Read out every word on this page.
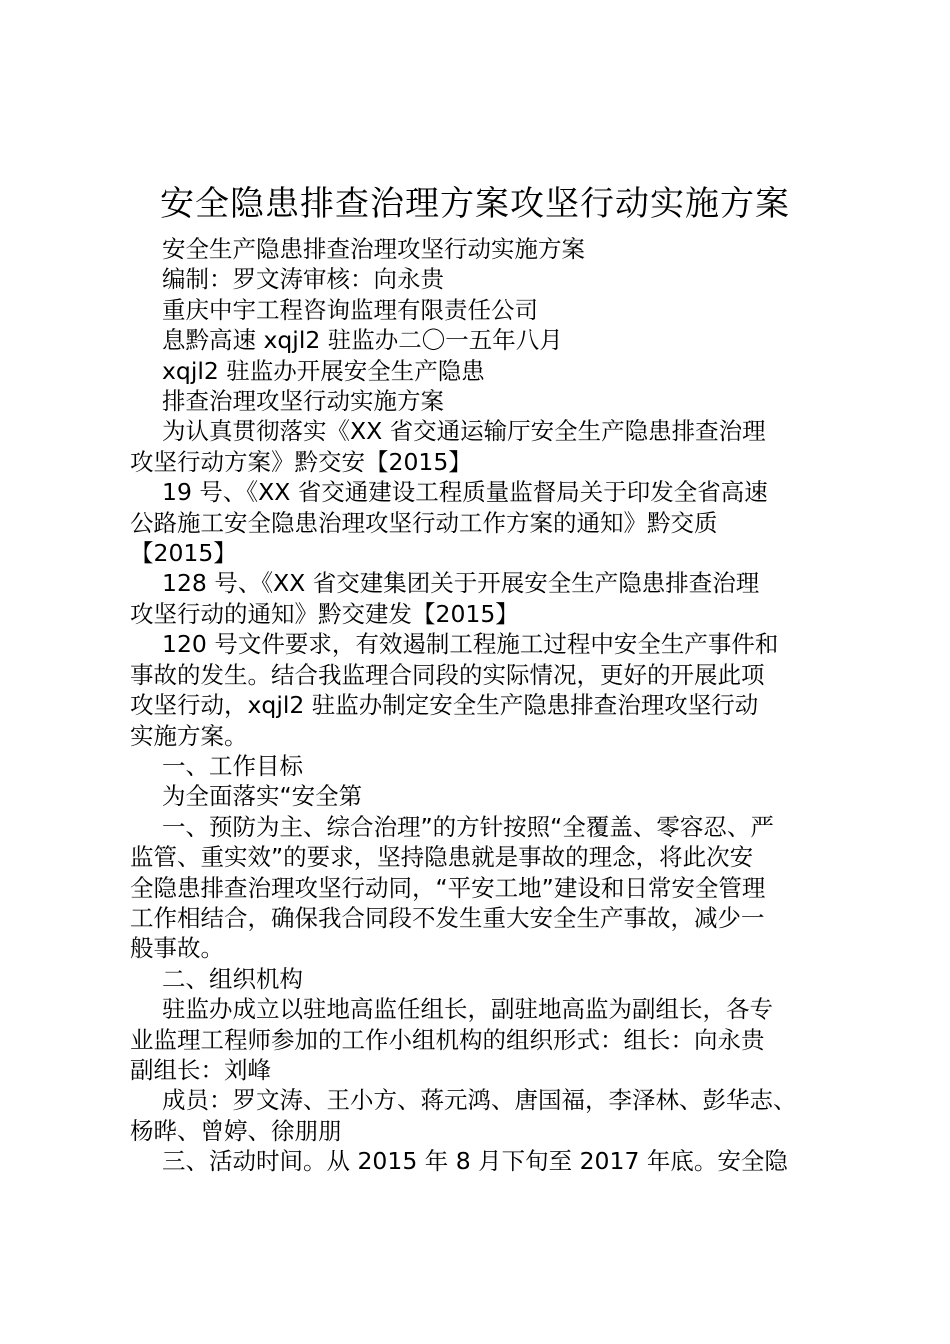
安全隐患排查治理方案攻坚行动实施方案

安全生产隐患排查治理攻坚行动实施方案

编制：罗文涛审核：向永贵

重庆中宇工程咨询监理有限责任公司

息黔高速 xqjl2 驻监办二〇一五年八月

xqjl2 驻监办开展安全生产隐患

排查治理攻坚行动实施方案

为认真贯彻落实《XX 省交通运输厅安全生产隐患排查治理
攻坚行动方案》黔交安【2015】

19 号、《XX 省交通建设工程质量监督局关于印发全省高速
公路施工安全隐患治理攻坚行动工作方案的通知》黔交质
【2015】

128 号、《XX 省交建集团关于开展安全生产隐患排查治理
攻坚行动的通知》黔交建发【2015】

120 号文件要求，有效遏制工程施工过程中安全生产事件和
事故的发生。结合我监理合同段的实际情况，更好的开展此项
攻坚行动，xqjl2 驻监办制定安全生产隐患排查治理攻坚行动
实施方案。

一、工作目标

为全面落实“安全第

一、预防为主、综合治理”的方针按照“全覆盖、零容忍、严
监管、重实效”的要求，坚持隐患就是事故的理念，将此次安
全隐患排查治理攻坚行动同，“平安工地”建设和日常安全管理
工作相结合，确保我合同段不发生重大安全生产事故，减少一
般事故。

二、组织机构

驻监办成立以驻地高监任组长，副驻地高监为副组长，各专
业监理工程师参加的工作小组机构的组织形式：组长：向永贵
副组长：刘峰

成员：罗文涛、王小方、蒋元鸿、唐国福，李泽林、彭华志、
杨晔、曾婷、徐朋朋

三、活动时间。从 2015 年 8 月下旬至 2017 年底。安全隐
